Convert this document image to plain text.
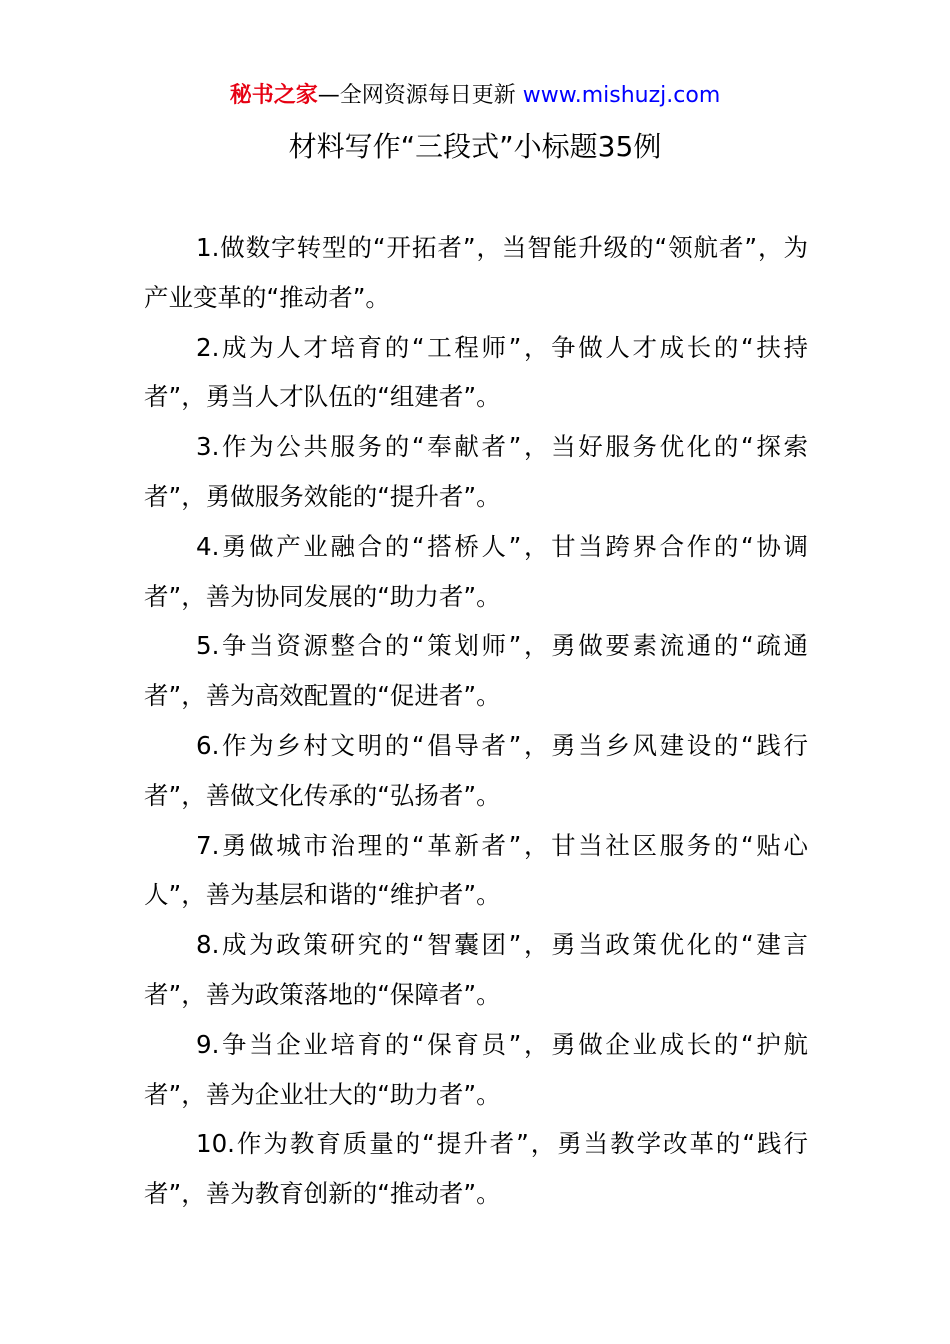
秘书之家—全网资源每日更新 www.mishuzj.com
材料写作“三段式”小标题35例

1.做数字转型的“开拓者”，当智能升级的“领航者”，为产业变革的“推动者”。

2.成为人才培育的“工程师”，争做人才成长的“扶持者”，勇当人才队伍的“组建者”。

3.作为公共服务的“奉献者”，当好服务优化的“探索者”，勇做服务效能的“提升者”。

4.勇做产业融合的“搭桥人”，甘当跨界合作的“协调者”，善为协同发展的“助力者”。

5.争当资源整合的“策划师”，勇做要素流通的“疏通者”，善为高效配置的“促进者”。

6.作为乡村文明的“倡导者”，勇当乡风建设的“践行者”，善做文化传承的“弘扬者”。

7.勇做城市治理的“革新者”，甘当社区服务的“贴心人”，善为基层和谐的“维护者”。

8.成为政策研究的“智囊团”，勇当政策优化的“建言者”，善为政策落地的“保障者”。

9.争当企业培育的“保育员”，勇做企业成长的“护航者”，善为企业壮大的“助力者”。

10.作为教育质量的“提升者”，勇当教学改革的“践行者”，善为教育创新的“推动者”。
